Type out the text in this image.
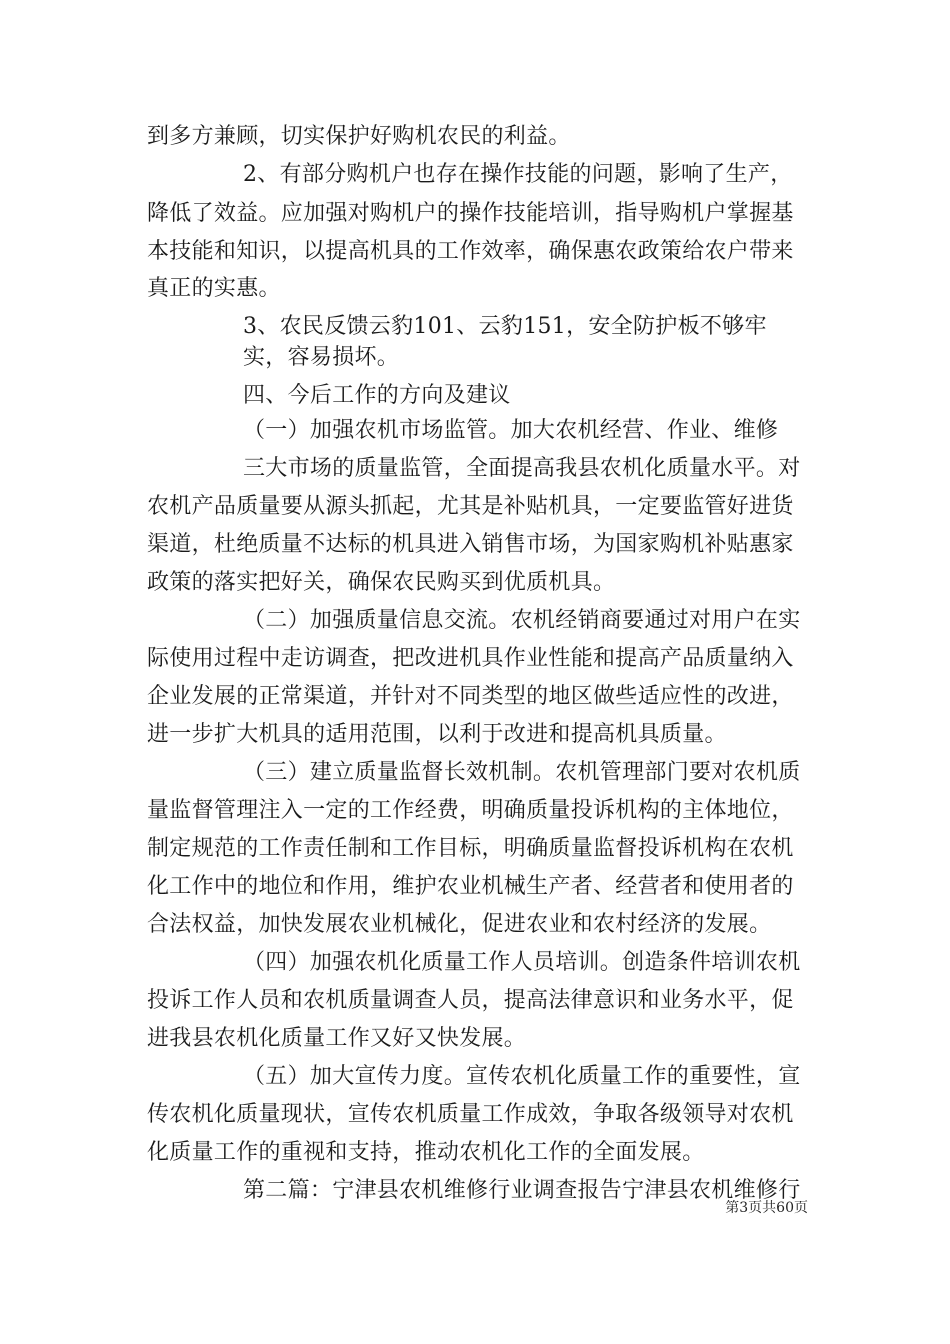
到多方兼顾，切实保护好购机农民的利益。
2、有部分购机户也存在操作技能的问题，影响了生产，
降低了效益。应加强对购机户的操作技能培训，指导购机户掌握基
本技能和知识，以提高机具的工作效率，确保惠农政策给农户带来
真正的实惠。
3、农民反馈云豹101、云豹151，安全防护板不够牢
实，容易损坏。
四、今后工作的方向及建议
（一）加强农机市场监管。加大农机经营、作业、维修
三大市场的质量监管，全面提高我县农机化质量水平。对
农机产品质量要从源头抓起，尤其是补贴机具，一定要监管好进货
渠道，杜绝质量不达标的机具进入销售市场，为国家购机补贴惠家
政策的落实把好关，确保农民购买到优质机具。
（二）加强质量信息交流。农机经销商要通过对用户在实
际使用过程中走访调查，把改进机具作业性能和提高产品质量纳入
企业发展的正常渠道，并针对不同类型的地区做些适应性的改进，
进一步扩大机具的适用范围，以利于改进和提高机具质量。
（三）建立质量监督长效机制。农机管理部门要对农机质
量监督管理注入一定的工作经费，明确质量投诉机构的主体地位，
制定规范的工作责任制和工作目标，明确质量监督投诉机构在农机
化工作中的地位和作用，维护农业机械生产者、经营者和使用者的
合法权益，加快发展农业机械化，促进农业和农村经济的发展。
（四）加强农机化质量工作人员培训。创造条件培训农机
投诉工作人员和农机质量调查人员，提高法律意识和业务水平，促
进我县农机化质量工作又好又快发展。
（五）加大宣传力度。宣传农机化质量工作的重要性，宣
传农机化质量现状，宣传农机质量工作成效，争取各级领导对农机
化质量工作的重视和支持，推动农机化工作的全面发展。
第二篇：宁津县农机维修行业调查报告宁津县农机维修行
第3页共60页
